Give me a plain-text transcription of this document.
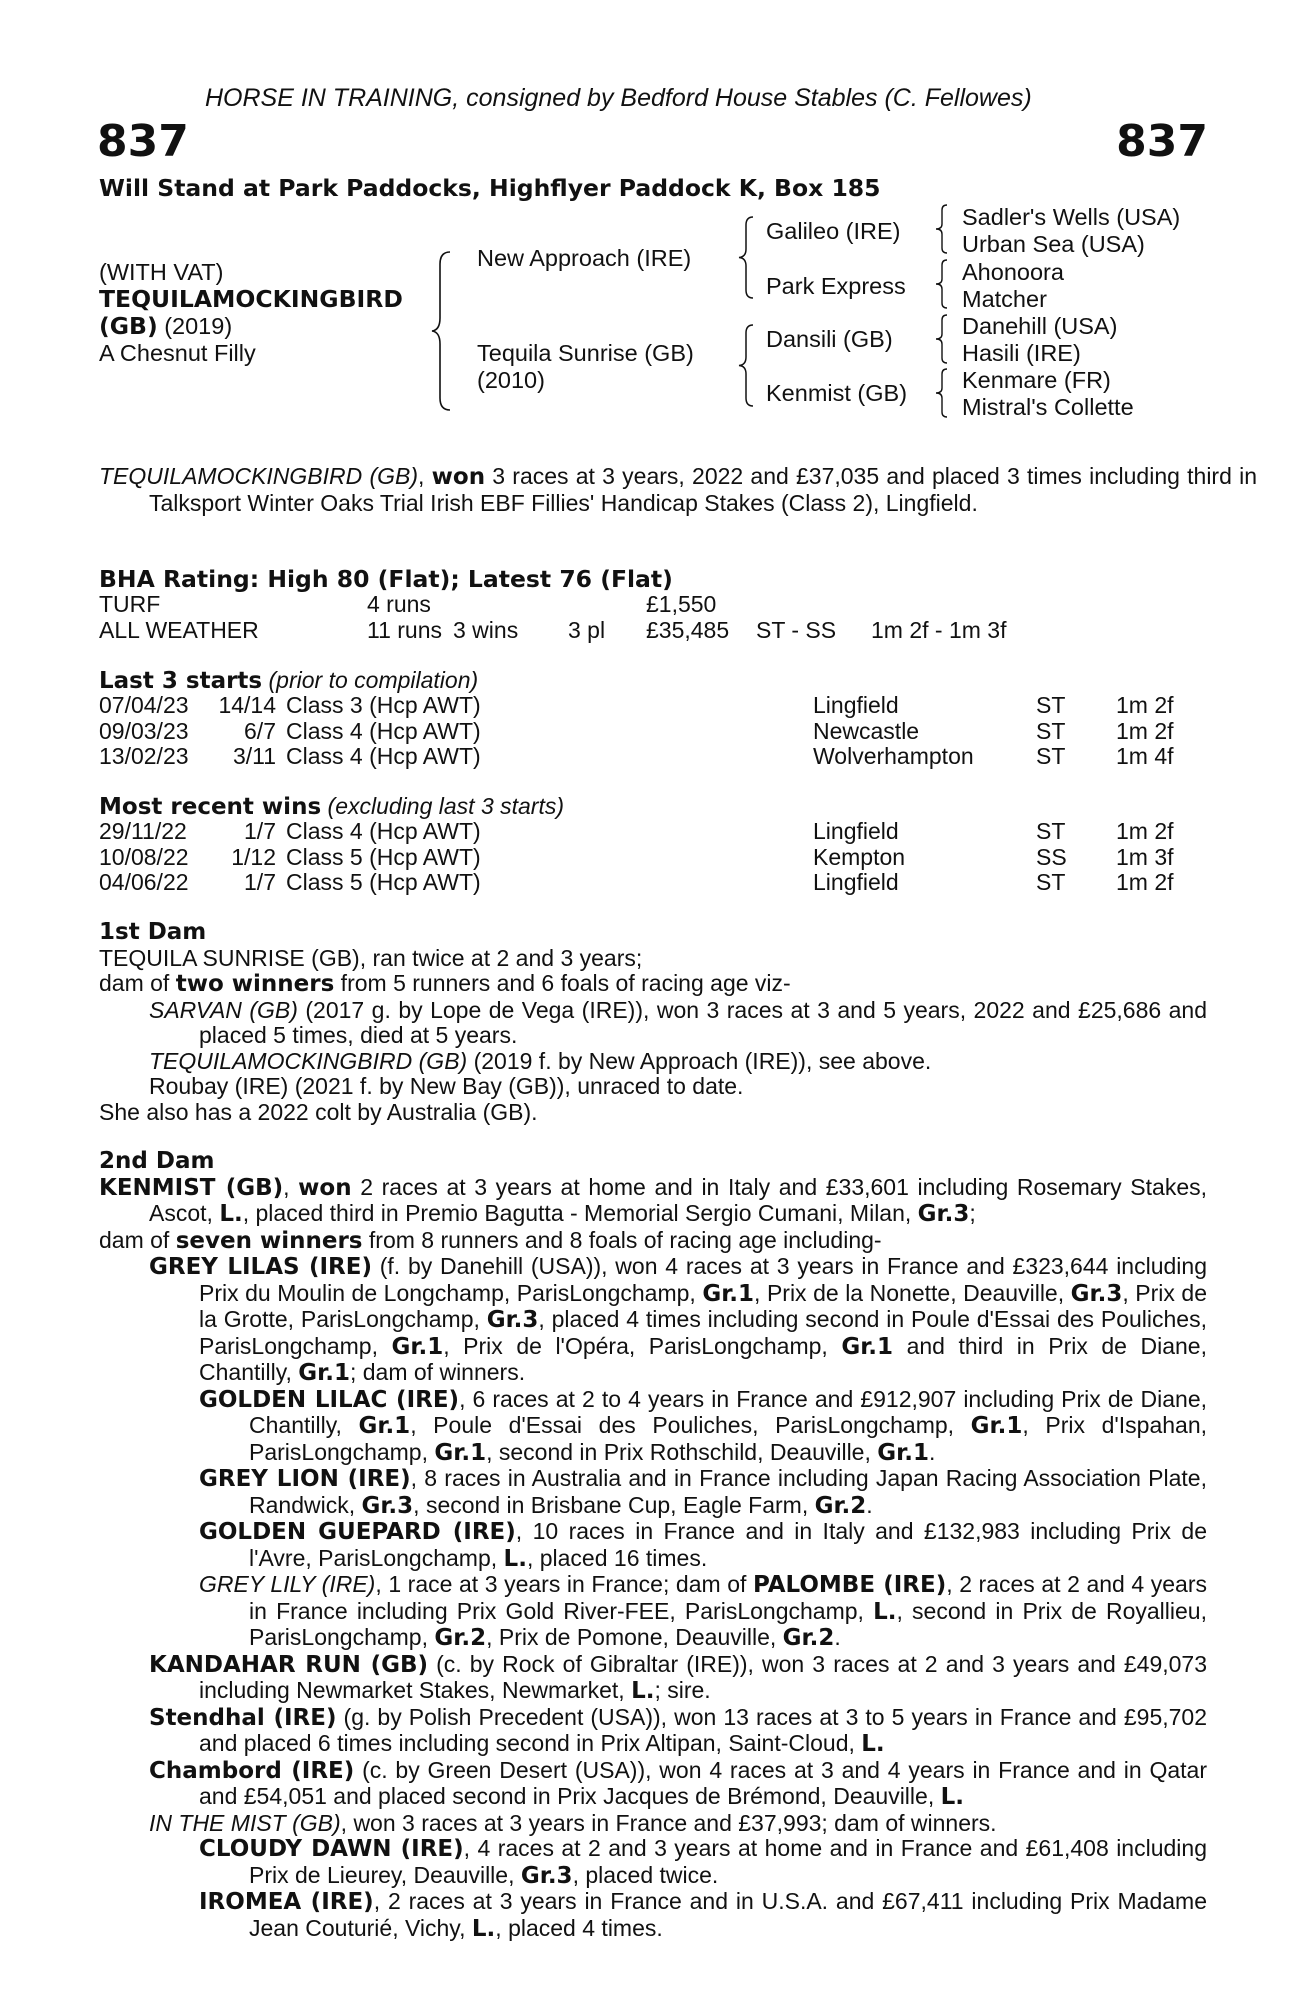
HORSE IN TRAINING, consigned by Bedford House Stables (C. Fellowes)
837	837
Will Stand at Park Paddocks, Highflyer Paddock K, Box 185
(WITH VAT)
TEQUILAMOCKINGBIRD
(GB) (2019)
A Chesnut Filly
New Approach (IRE)
Tequila Sunrise (GB)
(2010)
Galileo (IRE)
Park Express
Dansili (GB)
Kenmist (GB)
Sadler's Wells (USA)
Urban Sea (USA)
Ahonoora
Matcher
Danehill (USA)
Hasili (IRE)
Kenmare (FR)
Mistral's Collette
TEQUILAMOCKINGBIRD (GB), won 3 races at 3 years, 2022 and £37,035 and placed 3 times including third in Talksport Winter Oaks Trial Irish EBF Fillies' Handicap Stakes (Class 2), Lingfield.
BHA Rating: High 80 (Flat); Latest 76 (Flat)
TURF	4 runs			£1,550		
ALL WEATHER	11 runs	3 wins	3 pl	£35,485	ST - SS	1m 2f - 1m 3f
Last 3 starts (prior to compilation)
07/04/23	14/14	Class 3 (Hcp AWT)	Lingfield	ST	1m 2f
09/03/23	6/7	Class 4 (Hcp AWT)	Newcastle	ST	1m 2f
13/02/23	3/11	Class 4 (Hcp AWT)	Wolverhampton	ST	1m 4f
Most recent wins (excluding last 3 starts)
29/11/22	1/7	Class 4 (Hcp AWT)	Lingfield	ST	1m 2f
10/08/22	1/12	Class 5 (Hcp AWT)	Kempton	SS	1m 3f
04/06/22	1/7	Class 5 (Hcp AWT)	Lingfield	ST	1m 2f

1st Dam

TEQUILA SUNRISE (GB), ran twice at 2 and 3 years;

dam of two winners from 5 runners and 6 foals of racing age viz-

SARVAN (GB) (2017 g. by Lope de Vega (IRE)), won 3 races at 3 and 5 years, 2022 and £25,686 and placed 5 times, died at 5 years.

TEQUILAMOCKINGBIRD (GB) (2019 f. by New Approach (IRE)), see above.

Roubay (IRE) (2021 f. by New Bay (GB)), unraced to date.

She also has a 2022 colt by Australia (GB).

2nd Dam

KENMIST (GB), won 2 races at 3 years at home and in Italy and £33,601 including Rosemary Stakes, Ascot, L., placed third in Premio Bagutta - Memorial Sergio Cumani, Milan, Gr.3;

dam of seven winners from 8 runners and 8 foals of racing age including-

GREY LILAS (IRE) (f. by Danehill (USA)), won 4 races at 3 years in France and £323,644 including Prix du Moulin de Longchamp, ParisLongchamp, Gr.1, Prix de la Nonette, Deauville, Gr.3, Prix de la Grotte, ParisLongchamp, Gr.3, placed 4 times including second in Poule d'Essai des Pouliches, ParisLongchamp, Gr.1, Prix de l'Opéra, ParisLongchamp, Gr.1 and third in Prix de Diane, Chantilly, Gr.1; dam of winners.

GOLDEN LILAC (IRE), 6 races at 2 to 4 years in France and £912,907 including Prix de Diane, Chantilly, Gr.1, Poule d'Essai des Pouliches, ParisLongchamp, Gr.1, Prix d'Ispahan, ParisLongchamp, Gr.1, second in Prix Rothschild, Deauville, Gr.1.

GREY LION (IRE), 8 races in Australia and in France including Japan Racing Association Plate, Randwick, Gr.3, second in Brisbane Cup, Eagle Farm, Gr.2.

GOLDEN GUEPARD (IRE), 10 races in France and in Italy and £132,983 including Prix de l'Avre, ParisLongchamp, L., placed 16 times.

GREY LILY (IRE), 1 race at 3 years in France; dam of PALOMBE (IRE), 2 races at 2 and 4 years in France including Prix Gold River-FEE, ParisLongchamp, L., second in Prix de Royallieu, ParisLongchamp, Gr.2, Prix de Pomone, Deauville, Gr.2.

KANDAHAR RUN (GB) (c. by Rock of Gibraltar (IRE)), won 3 races at 2 and 3 years and £49,073 including Newmarket Stakes, Newmarket, L.; sire.

Stendhal (IRE) (g. by Polish Precedent (USA)), won 13 races at 3 to 5 years in France and £95,702 and placed 6 times including second in Prix Altipan, Saint-Cloud, L.

Chambord (IRE) (c. by Green Desert (USA)), won 4 races at 3 and 4 years in France and in Qatar and £54,051 and placed second in Prix Jacques de Brémond, Deauville, L.

IN THE MIST (GB), won 3 races at 3 years in France and £37,993; dam of winners.

CLOUDY DAWN (IRE), 4 races at 2 and 3 years at home and in France and £61,408 including Prix de Lieurey, Deauville, Gr.3, placed twice.

IROMEA (IRE), 2 races at 3 years in France and in U.S.A. and £67,411 including Prix Madame Jean Couturié, Vichy, L., placed 4 times.
